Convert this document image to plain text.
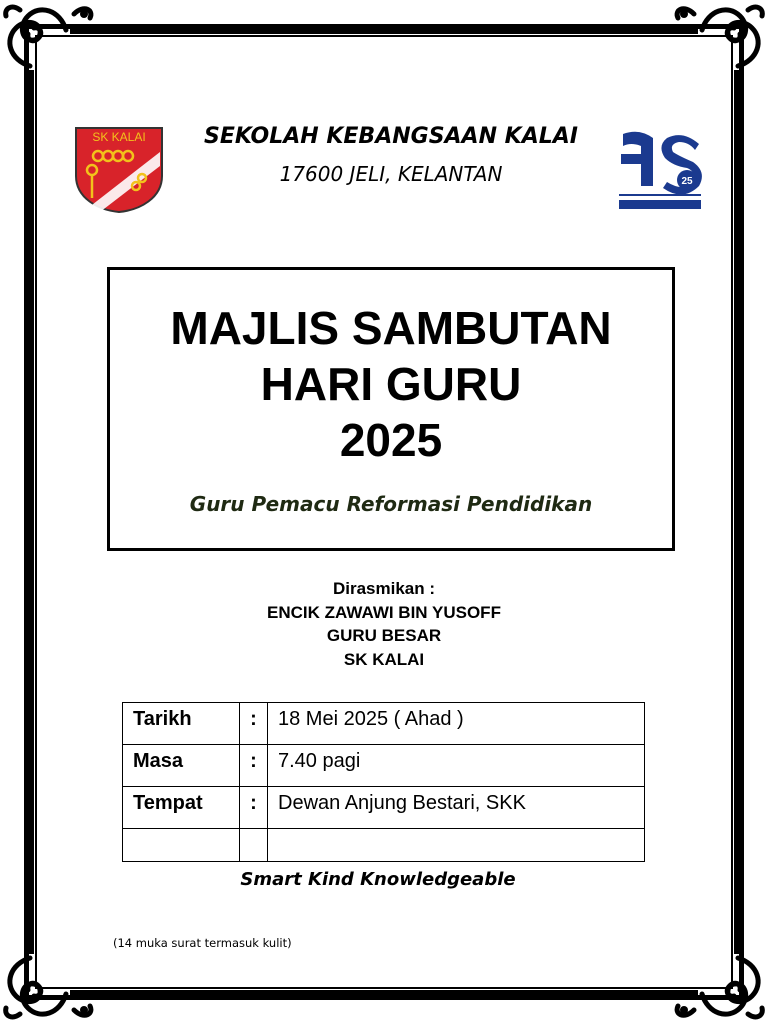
SK KALAI
25
SEKOLAH KEBANGSAAN KALAI
17600 JELI, KELANTAN
MAJLIS SAMBUTAN
HARI GURU
2025
Guru Pemacu Reformasi Pendidikan
Dirasmikan :
ENCIK ZAWAWI BIN YUSOFF
GURU BESAR
SK KALAI
Tarikh	:	18 Mei 2025 ( Ahad )
Masa	:	7.40 pagi
Tempat	:	Dewan Anjung Bestari, SKK

Smart Kind Knowledgeable
(14 muka surat termasuk kulit)
